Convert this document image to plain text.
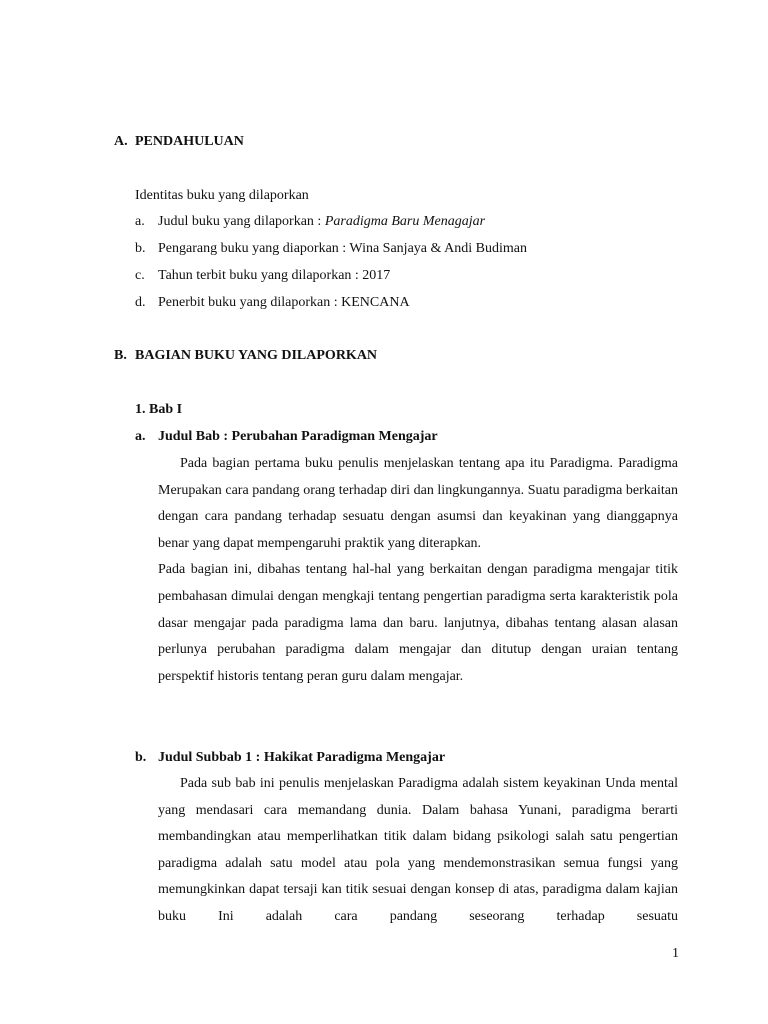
A. PENDAHULUAN
Identitas buku yang dilaporkan
a. Judul buku yang dilaporkan : Paradigma Baru Menagajar
b. Pengarang buku yang diaporkan : Wina Sanjaya & Andi Budiman
c. Tahun terbit buku yang dilaporkan : 2017
d. Penerbit buku yang dilaporkan : KENCANA
B. BAGIAN BUKU YANG DILAPORKAN
1. Bab I
a. Judul Bab : Perubahan Paradigman Mengajar

Pada bagian pertama buku penulis menjelaskan tentang apa itu Paradigma. Paradigma Merupakan cara pandang orang terhadap diri dan lingkungannya. Suatu paradigma berkaitan dengan cara pandang terhadap sesuatu dengan asumsi dan keyakinan yang dianggapnya benar yang dapat mempengaruhi praktik yang diterapkan.

Pada bagian ini, dibahas tentang hal-hal yang berkaitan dengan paradigma mengajar titik pembahasan dimulai dengan mengkaji tentang pengertian paradigma serta karakteristik pola dasar mengajar pada paradigma lama dan baru. lanjutnya, dibahas tentang alasan alasan perlunya perubahan paradigma dalam mengajar dan ditutup dengan uraian tentang perspektif historis tentang peran guru dalam mengajar.

b. Judul Subbab 1 : Hakikat Paradigma Mengajar

Pada sub bab ini penulis menjelaskan Paradigma adalah sistem keyakinan Unda mental yang mendasari cara memandang dunia. Dalam bahasa Yunani, paradigma berarti membandingkan atau memperlihatkan titik dalam bidang psikologi salah satu pengertian paradigma adalah satu model atau pola yang mendemonstrasikan semua fungsi yang memungkinkan dapat tersaji kan titik sesuai dengan konsep di atas, paradigma dalam kajian buku Ini adalah cara pandang seseorang terhadap sesuatu

1
